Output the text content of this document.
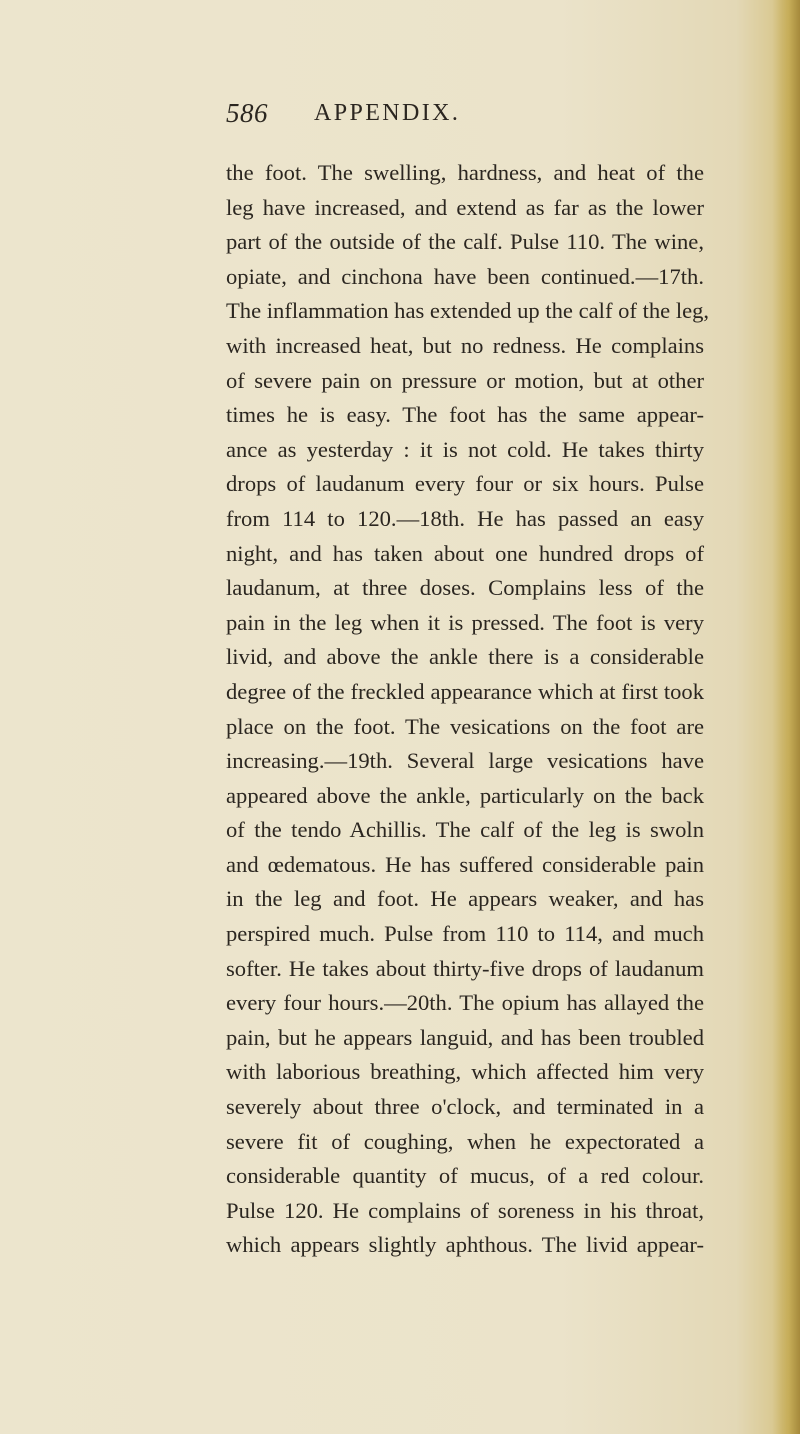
586 APPENDIX.
the foot. The swelling, hardness, and heat of the
leg have increased, and extend as far as the lower
part of the outside of the calf. Pulse 110. The wine,
opiate, and cinchona have been continued.—17th.
The inflammation has extended up the calf of the leg,
with increased heat, but no redness. He complains
of severe pain on pressure or motion, but at other
times he is easy. The foot has the same appear-
ance as yesterday : it is not cold. He takes thirty
drops of laudanum every four or six hours. Pulse
from 114 to 120.—18th. He has passed an easy
night, and has taken about one hundred drops of
laudanum, at three doses. Complains less of the
pain in the leg when it is pressed. The foot is very
livid, and above the ankle there is a considerable
degree of the freckled appearance which at first took
place on the foot. The vesications on the foot are
increasing.—19th. Several large vesications have
appeared above the ankle, particularly on the back
of the tendo Achillis. The calf of the leg is swoln
and œdematous. He has suffered considerable pain
in the leg and foot. He appears weaker, and has
perspired much. Pulse from 110 to 114, and much
softer. He takes about thirty-five drops of laudanum
every four hours.—20th. The opium has allayed the
pain, but he appears languid, and has been troubled
with laborious breathing, which affected him very
severely about three o'clock, and terminated in a
severe fit of coughing, when he expectorated a
considerable quantity of mucus, of a red colour.
Pulse 120. He complains of soreness in his throat,
which appears slightly aphthous. The livid appear-
